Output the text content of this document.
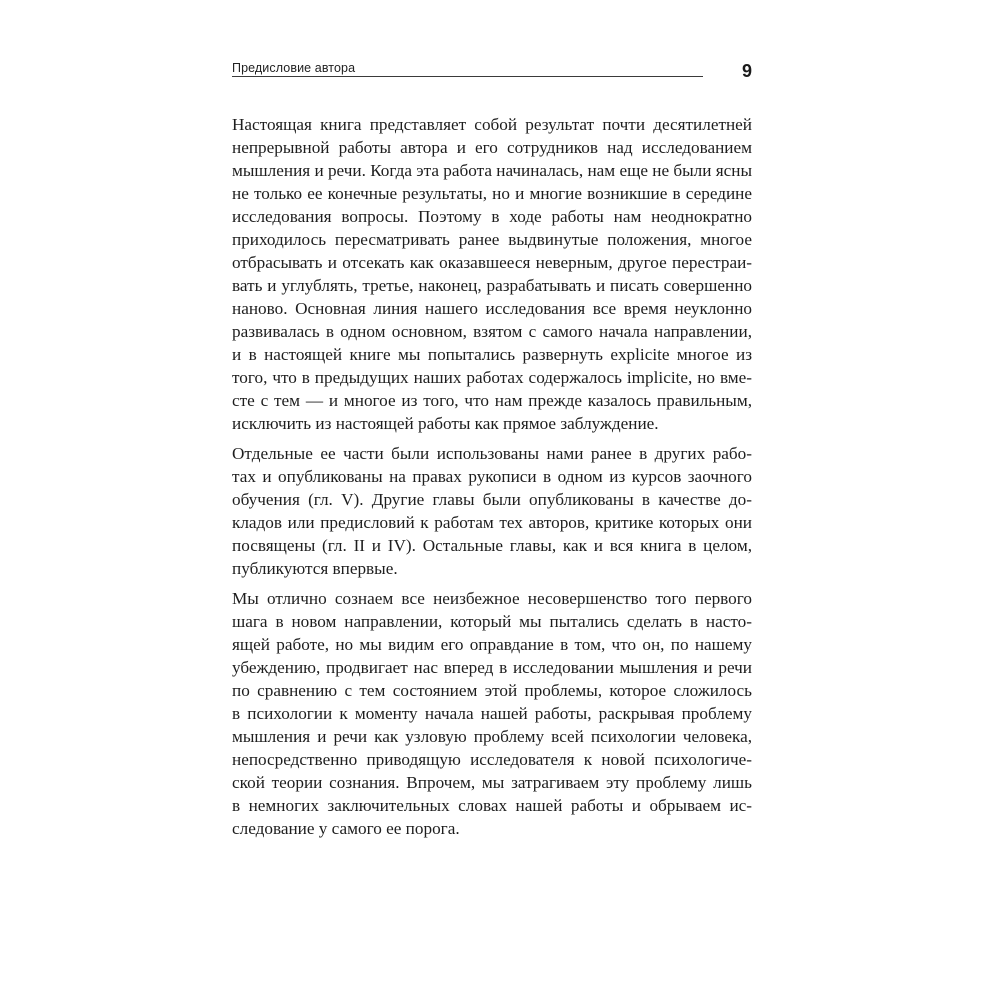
Предисловие автора	9
Настоящая книга представляет собой результат почти десятилетней
непрерывной работы автора и его сотрудников над исследованием
мышления и речи. Когда эта работа начиналась, нам еще не были ясны
не только ее конечные результаты, но и многие возникшие в середине
исследования вопросы. Поэтому в ходе работы нам неоднократно
приходилось пересматривать ранее выдвинутые положения, многое
отбрасывать и отсекать как оказавшееся неверным, другое перестраи-
вать и углублять, третье, наконец, разрабатывать и писать совершенно
наново. Основная линия нашего исследования все время неуклонно
развивалась в одном основном, взятом с самого начала направлении,
и в настоящей книге мы попытались развернуть explicite многое из
того, что в предыдущих наших работах содержалось implicite, но вме-
сте с тем — и многое из того, что нам прежде казалось правильным,
исключить из настоящей работы как прямое заблуждение.
Отдельные ее части были использованы нами ранее в других рабо-
тах и опубликованы на правах рукописи в одном из курсов заочного
обучения (гл. V). Другие главы были опубликованы в качестве до-
кладов или предисловий к работам тех авторов, критике которых они
посвящены (гл. II и IV). Остальные главы, как и вся книга в целом,
публикуются впервые.
Мы отлично сознаем все неизбежное несовершенство того первого
шага в новом направлении, который мы пытались сделать в насто-
ящей работе, но мы видим его оправдание в том, что он, по нашему
убеждению, продвигает нас вперед в исследовании мышления и речи
по сравнению с тем состоянием этой проблемы, которое сложилось
в психологии к моменту начала нашей работы, раскрывая проблему
мышления и речи как узловую проблему всей психологии человека,
непосредственно приводящую исследователя к новой психологиче-
ской теории сознания. Впрочем, мы затрагиваем эту проблему лишь
в немногих заключительных словах нашей работы и обрываем ис-
следование у самого ее порога.
